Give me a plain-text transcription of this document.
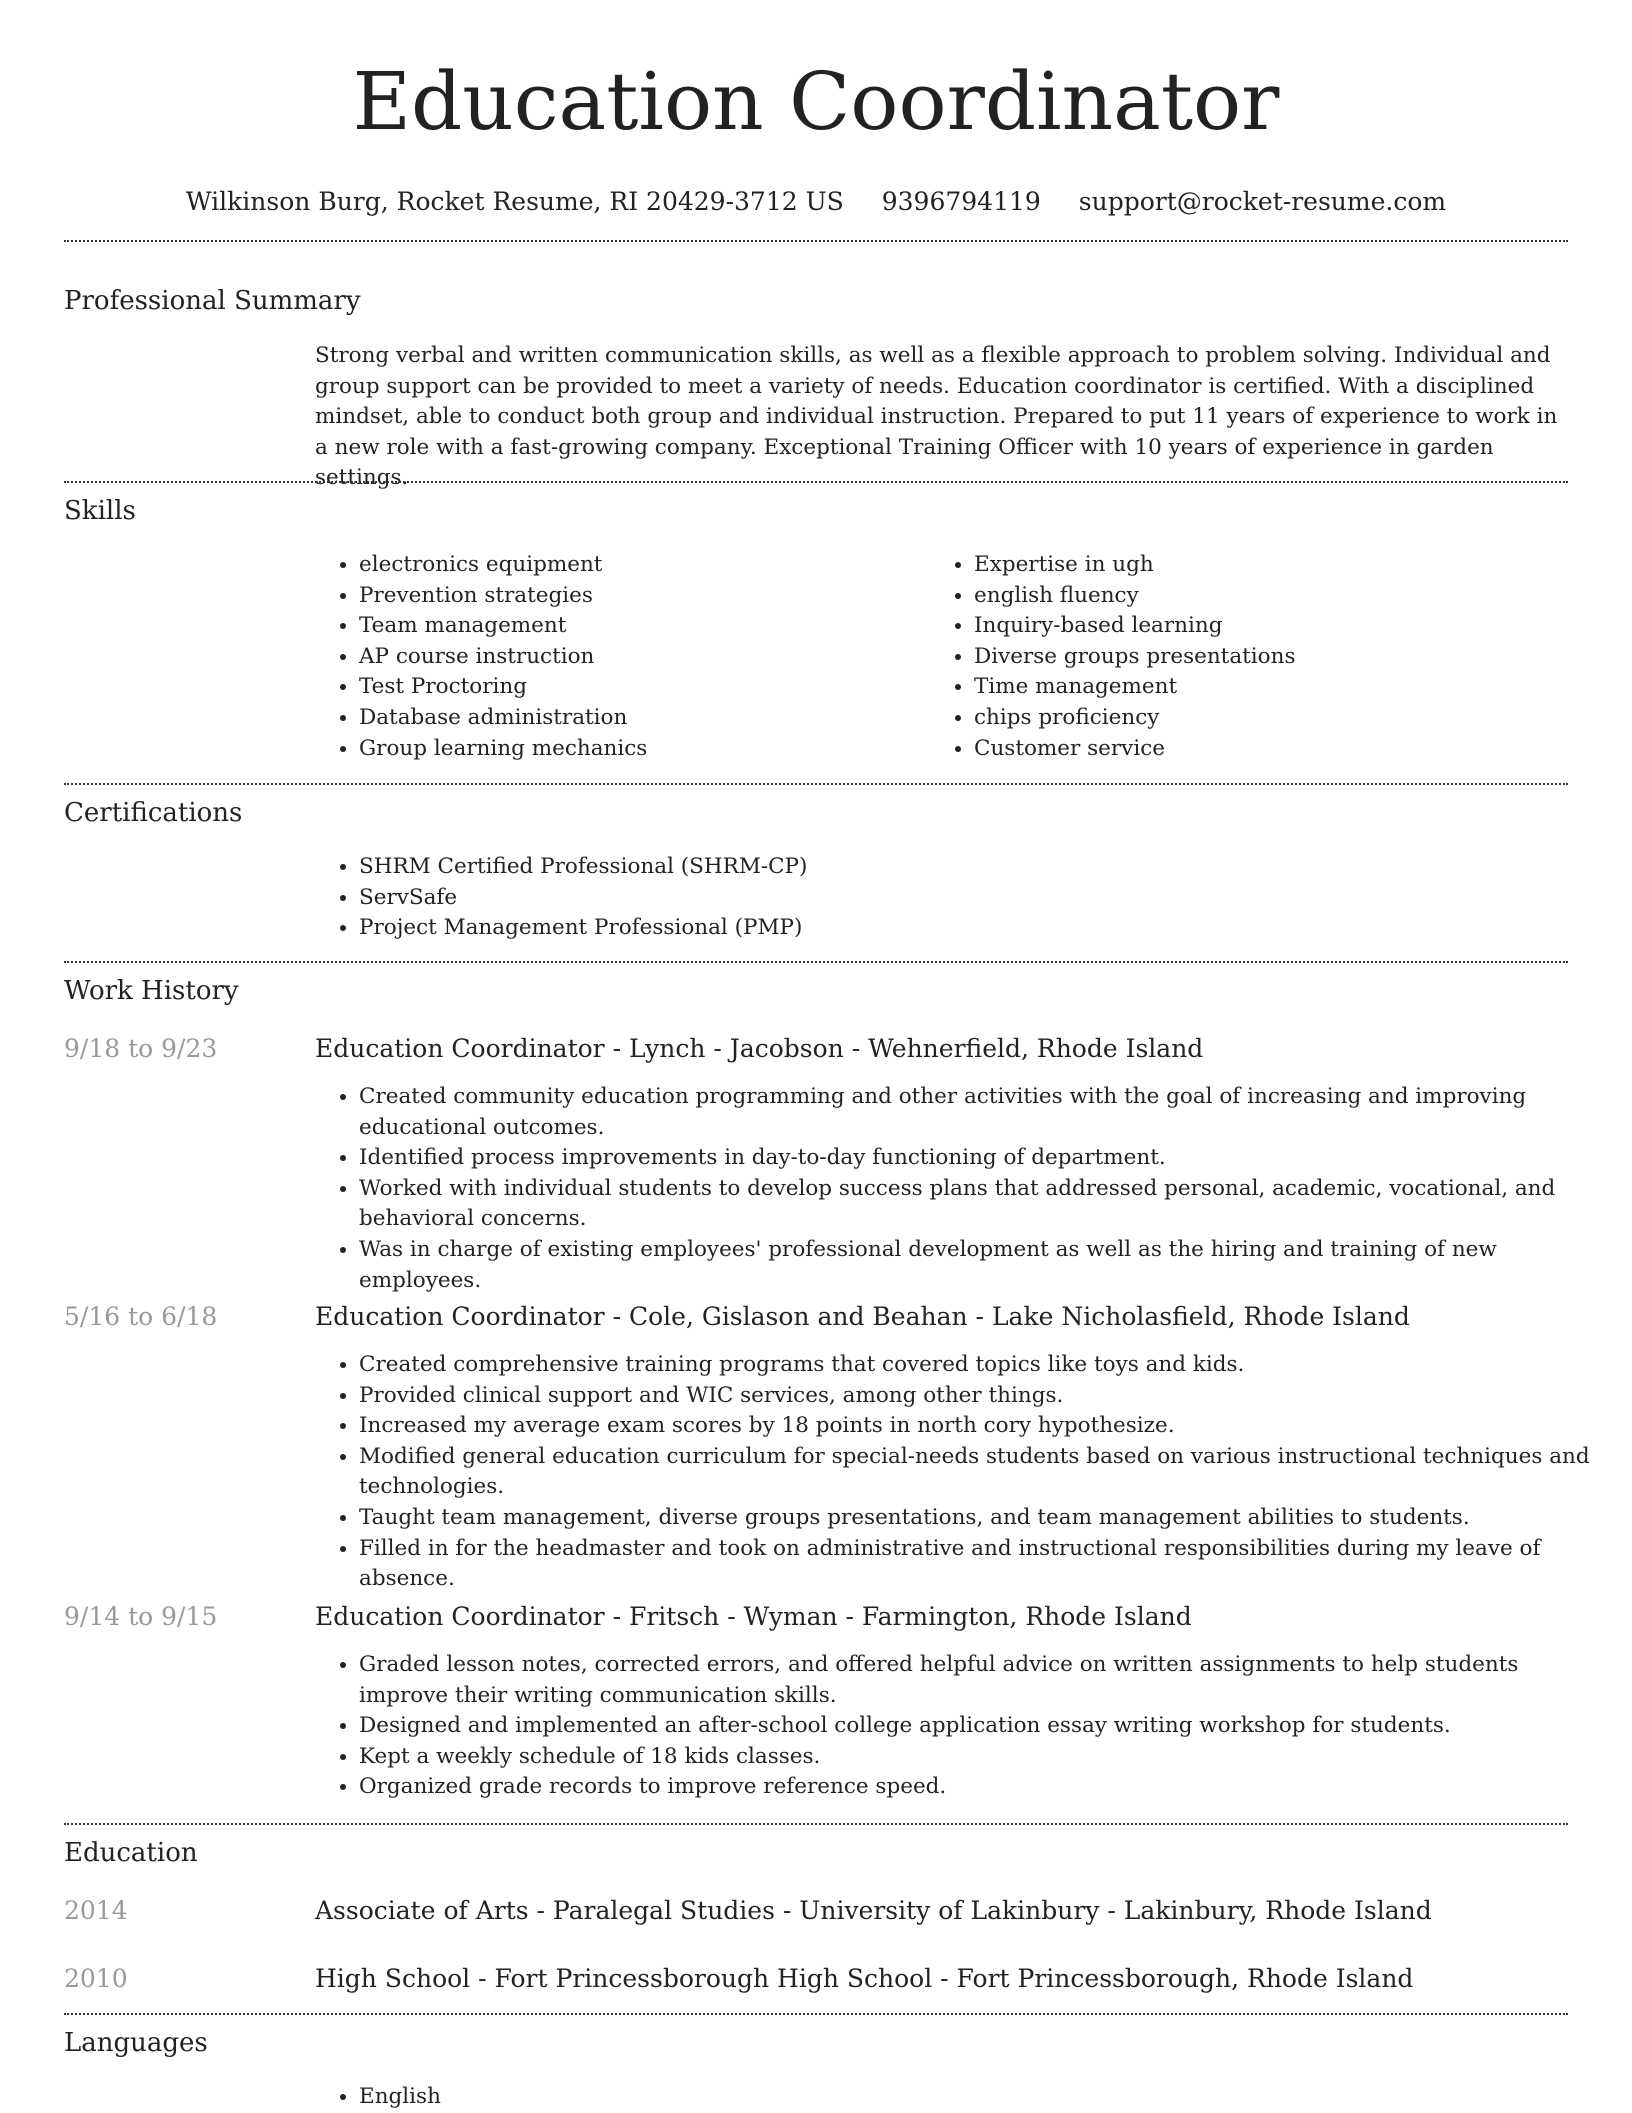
Education Coordinator
Wilkinson Burg, Rocket Resume, RI 20429-3712 US 9396794119 support@rocket-resume.com
Professional Summary

Strong verbal and written communication skills, as well as a flexible approach to problem solving. Individual and group support can be provided to meet a variety of needs. Education coordinator is certified. With a disciplined mindset, able to conduct both group and individual instruction. Prepared to put 11 years of experience to work in a new role with a fast-growing company. Exceptional Training Officer with 10 years of experience in garden settings.

Skills
• electronics equipment
• Prevention strategies
• Team management
• AP course instruction
• Test Proctoring
• Database administration
• Group learning mechanics
• Expertise in ugh
• english fluency
• Inquiry-based learning
• Diverse groups presentations
• Time management
• chips proficiency
• Customer service
Certifications
• SHRM Certified Professional (SHRM-CP)
• ServSafe
• Project Management Professional (PMP)
Work History
9/18 to 9/23	Education Coordinator - Lynch - Jacobson - Wehnerfield, Rhode Island
• Created community education programming and other activities with the goal of increasing and improving educational outcomes.
• Identified process improvements in day-to-day functioning of department.
• Worked with individual students to develop success plans that addressed personal, academic, vocational, and behavioral concerns.
• Was in charge of existing employees' professional development as well as the hiring and training of new employees.
5/16 to 6/18	Education Coordinator - Cole, Gislason and Beahan - Lake Nicholasfield, Rhode Island
• Created comprehensive training programs that covered topics like toys and kids.
• Provided clinical support and WIC services, among other things.
• Increased my average exam scores by 18 points in north cory hypothesize.
• Modified general education curriculum for special-needs students based on various instructional techniques and technologies.
• Taught team management, diverse groups presentations, and team management abilities to students.
• Filled in for the headmaster and took on administrative and instructional responsibilities during my leave of absence.
9/14 to 9/15	Education Coordinator - Fritsch - Wyman - Farmington, Rhode Island
• Graded lesson notes, corrected errors, and offered helpful advice on written assignments to help students improve their writing communication skills.
• Designed and implemented an after-school college application essay writing workshop for students.
• Kept a weekly schedule of 18 kids classes.
• Organized grade records to improve reference speed.
Education
2014	Associate of Arts - Paralegal Studies - University of Lakinbury - Lakinbury, Rhode Island
2010	High School - Fort Princessborough High School - Fort Princessborough, Rhode Island
Languages
• English
